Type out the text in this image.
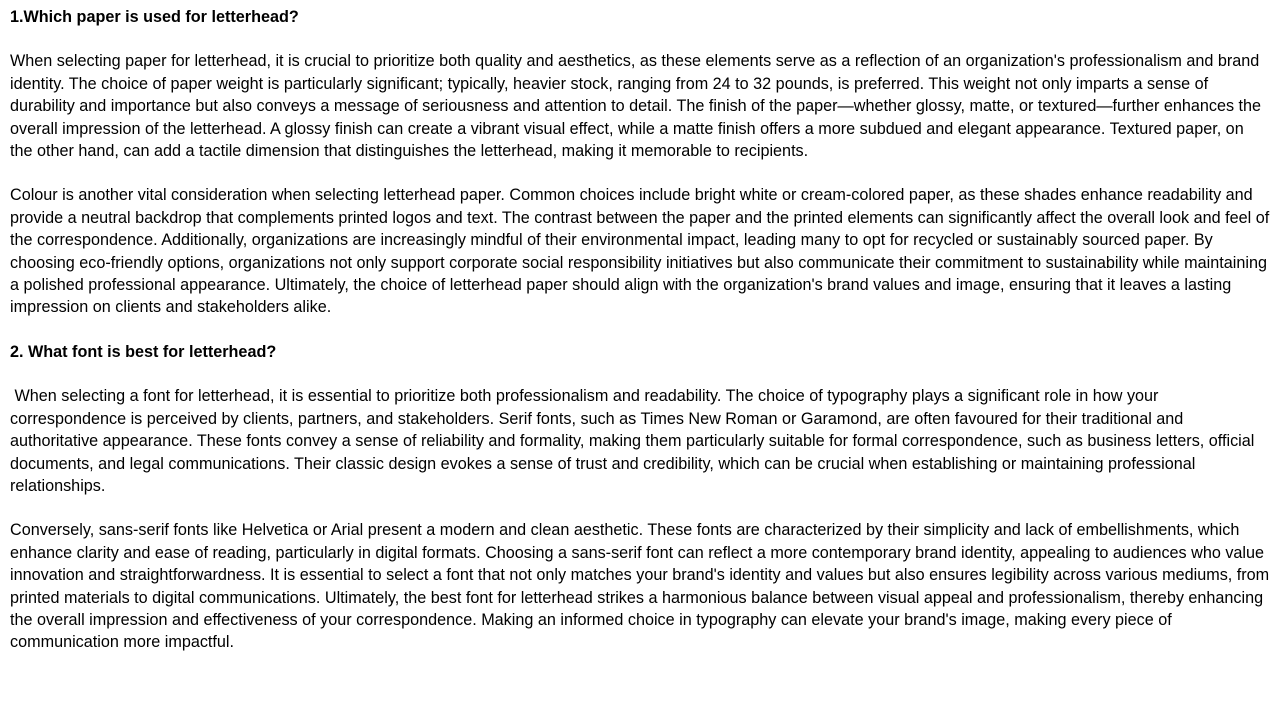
1.Which paper is used for letterhead?

When selecting paper for letterhead, it is crucial to prioritize both quality and aesthetics, as these elements serve as a reflection of an organization's professionalism and brand identity. The choice of paper weight is particularly significant; typically, heavier stock, ranging from 24 to 32 pounds, is preferred. This weight not only imparts a sense of durability and importance but also conveys a message of seriousness and attention to detail. The finish of the paper—whether glossy, matte, or textured—further enhances the overall impression of the letterhead. A glossy finish can create a vibrant visual effect, while a matte finish offers a more subdued and elegant appearance. Textured paper, on the other hand, can add a tactile dimension that distinguishes the letterhead, making it memorable to recipients.

Colour is another vital consideration when selecting letterhead paper. Common choices include bright white or cream-colored paper, as these shades enhance readability and provide a neutral backdrop that complements printed logos and text. The contrast between the paper and the printed elements can significantly affect the overall look and feel of the correspondence. Additionally, organizations are increasingly mindful of their environmental impact, leading many to opt for recycled or sustainably sourced paper. By choosing eco-friendly options, organizations not only support corporate social responsibility initiatives but also communicate their commitment to sustainability while maintaining a polished professional appearance. Ultimately, the choice of letterhead paper should align with the organization's brand values and image, ensuring that it leaves a lasting impression on clients and stakeholders alike.

2. What font is best for letterhead?

When selecting a font for letterhead, it is essential to prioritize both professionalism and readability. The choice of typography plays a significant role in how your correspondence is perceived by clients, partners, and stakeholders. Serif fonts, such as Times New Roman or Garamond, are often favoured for their traditional and authoritative appearance. These fonts convey a sense of reliability and formality, making them particularly suitable for formal correspondence, such as business letters, official documents, and legal communications. Their classic design evokes a sense of trust and credibility, which can be crucial when establishing or maintaining professional relationships.

Conversely, sans-serif fonts like Helvetica or Arial present a modern and clean aesthetic. These fonts are characterized by their simplicity and lack of embellishments, which enhance clarity and ease of reading, particularly in digital formats. Choosing a sans-serif font can reflect a more contemporary brand identity, appealing to audiences who value innovation and straightforwardness. It is essential to select a font that not only matches your brand's identity and values but also ensures legibility across various mediums, from printed materials to digital communications. Ultimately, the best font for letterhead strikes a harmonious balance between visual appeal and professionalism, thereby enhancing the overall impression and effectiveness of your correspondence. Making an informed choice in typography can elevate your brand's image, making every piece of communication more impactful.
